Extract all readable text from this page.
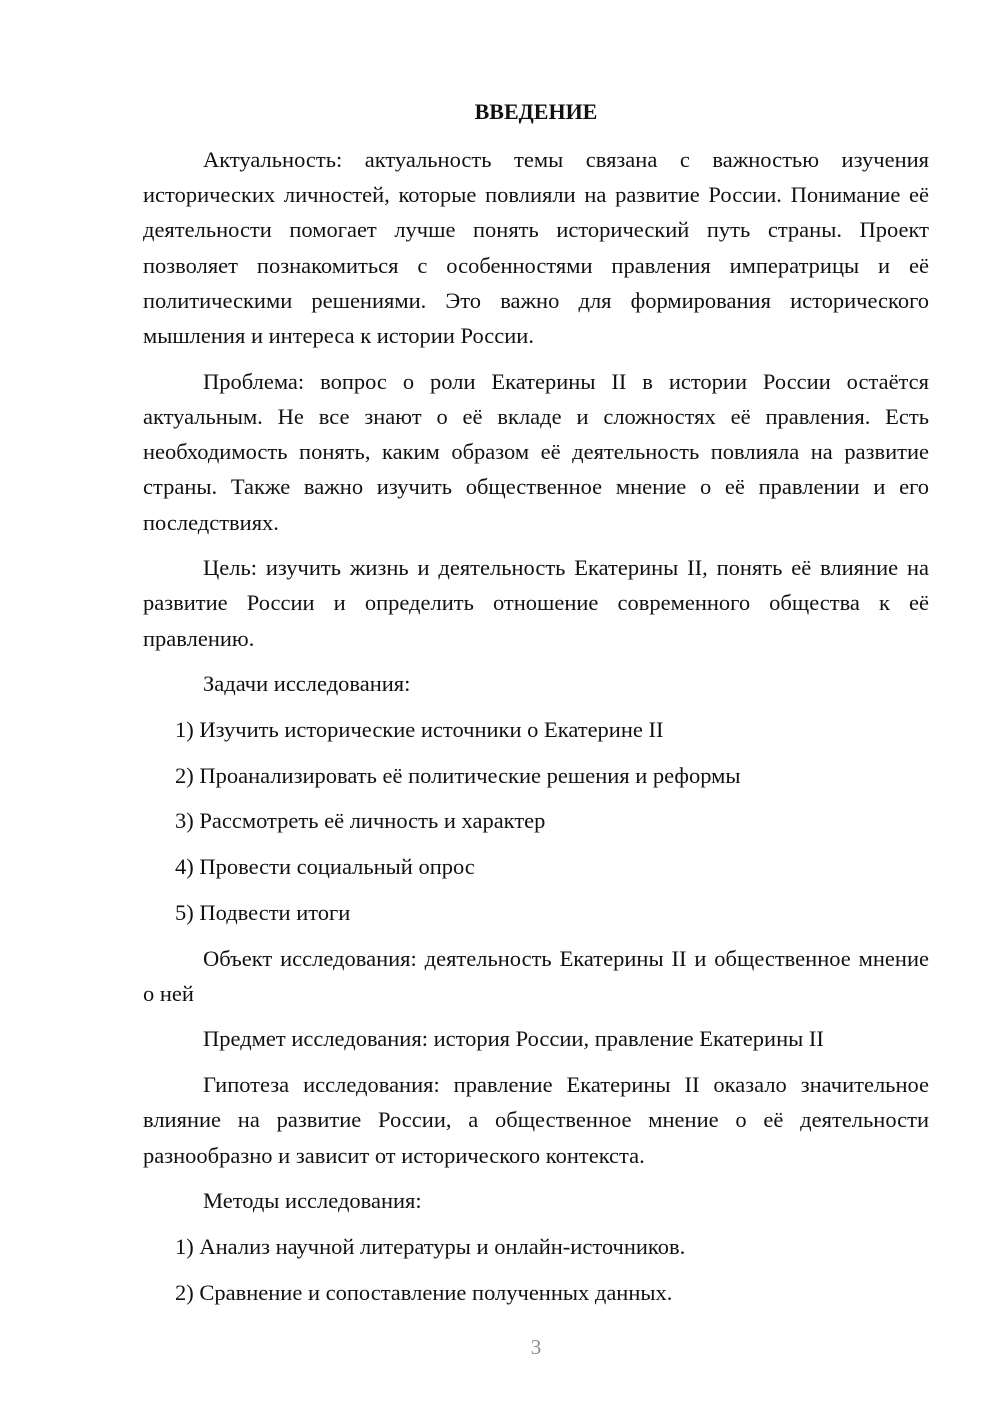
ВВЕДЕНИЕ

Актуальность: актуальность темы связана с важностью изучения исторических личностей, которые повлияли на развитие России. Понимание её деятельности помогает лучше понять исторический путь страны. Проект позволяет познакомиться с особенностями правления императрицы и её политическими решениями. Это важно для формирования исторического мышления и интереса к истории России.

Проблема: вопрос о роли Екатерины II в истории России остаётся актуальным. Не все знают о её вкладе и сложностях её правления. Есть необходимость понять, каким образом её деятельность повлияла на развитие страны. Также важно изучить общественное мнение о её правлении и его последствиях.

Цель: изучить жизнь и деятельность Екатерины II, понять её влияние на развитие России и определить отношение современного общества к её правлению.

Задачи исследования:

1) Изучить исторические источники о Екатерине II

2) Проанализировать её политические решения и реформы

3) Рассмотреть её личность и характер

4) Провести социальный опрос

5) Подвести итоги

Объект исследования: деятельность Екатерины II и общественное мнение о ней

Предмет исследования: история России, правление Екатерины II

Гипотеза исследования: правление Екатерины II оказало значительное влияние на развитие России, а общественное мнение о её деятельности разнообразно и зависит от исторического контекста.

Методы исследования:

1) Анализ научной литературы и онлайн-источников.

2) Сравнение и сопоставление полученных данных.

3
